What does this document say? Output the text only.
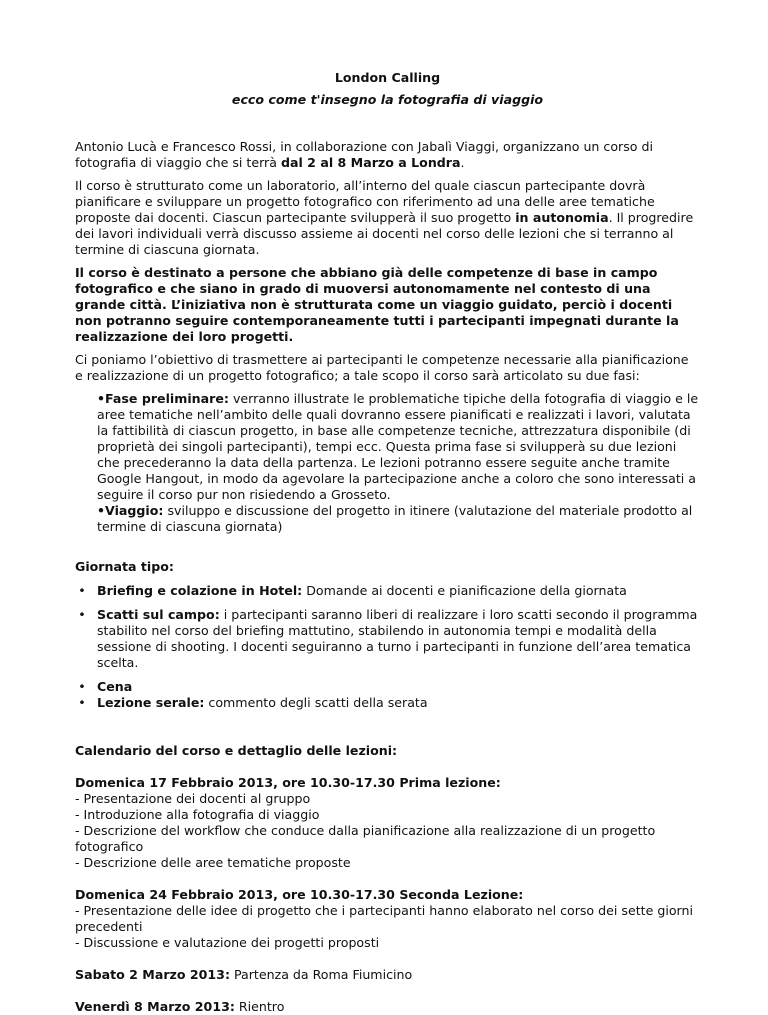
London Calling

ecco come t'insegno la fotografia di viaggio

Antonio Lucà e Francesco Rossi, in collaborazione con Jabalì Viaggi, organizzano un corso di fotografia di viaggio che si terrà dal 2 al 8 Marzo a Londra.

Il corso è strutturato come un laboratorio, all’interno del quale ciascun partecipante dovrà pianificare e sviluppare un progetto fotografico con riferimento ad una delle aree tematiche proposte dai docenti. Ciascun partecipante svilupperà il suo progetto in autonomia. Il progredire dei lavori individuali verrà discusso assieme ai docenti nel corso delle lezioni che si terranno al termine di ciascuna giornata.

Il corso è destinato a persone che abbiano già delle competenze di base in campo fotografico e che siano in grado di muoversi autonomamente nel contesto di una grande città. L’iniziativa non è strutturata come un viaggio guidato, perciò i docenti non potranno seguire contemporaneamente tutti i partecipanti impegnati durante la realizzazione dei loro progetti.

Ci poniamo l’obiettivo di trasmettere ai partecipanti le competenze necessarie alla pianificazione e realizzazione di un progetto fotografico; a tale scopo il corso sarà articolato su due fasi:

•Fase preliminare: verranno illustrate le problematiche tipiche della fotografia di viaggio e le aree tematiche nell’ambito delle quali dovranno essere pianificati e realizzati i lavori, valutata la fattibilità di ciascun progetto, in base alle competenze tecniche, attrezzatura disponibile (di proprietà dei singoli partecipanti), tempi ecc. Questa prima fase si svilupperà su due lezioni che precederanno la data della partenza. Le lezioni potranno essere seguite anche tramite Google Hangout, in modo da agevolare la partecipazione anche a coloro che sono interessati a seguire il corso pur non risiedendo a Grosseto.

•Viaggio: sviluppo e discussione del progetto in itinere (valutazione del materiale prodotto al termine di ciascuna giornata)

Giornata tipo:

• Briefing e colazione in Hotel: Domande ai docenti e pianificazione della giornata
• Scatti sul campo: i partecipanti saranno liberi di realizzare i loro scatti secondo il programma stabilito nel corso del briefing mattutino, stabilendo in autonomia tempi e modalità della sessione di shooting. I docenti seguiranno a turno i partecipanti in funzione dell’area tematica scelta.
• Cena
• Lezione serale: commento degli scatti della serata

Calendario del corso e dettaglio delle lezioni:

Domenica 17 Febbraio 2013, ore 10.30-17.30 Prima lezione:

- Presentazione dei docenti al gruppo

- Introduzione alla fotografia di viaggio

- Descrizione del workflow che conduce dalla pianificazione alla realizzazione di un progetto fotografico

- Descrizione delle aree tematiche proposte

Domenica 24 Febbraio 2013, ore 10.30-17.30 Seconda Lezione:

- Presentazione delle idee di progetto che i partecipanti hanno elaborato nel corso dei sette giorni precedenti

- Discussione e valutazione dei progetti proposti

Sabato 2 Marzo 2013: Partenza da Roma Fiumicino

Venerdì 8 Marzo 2013: Rientro
